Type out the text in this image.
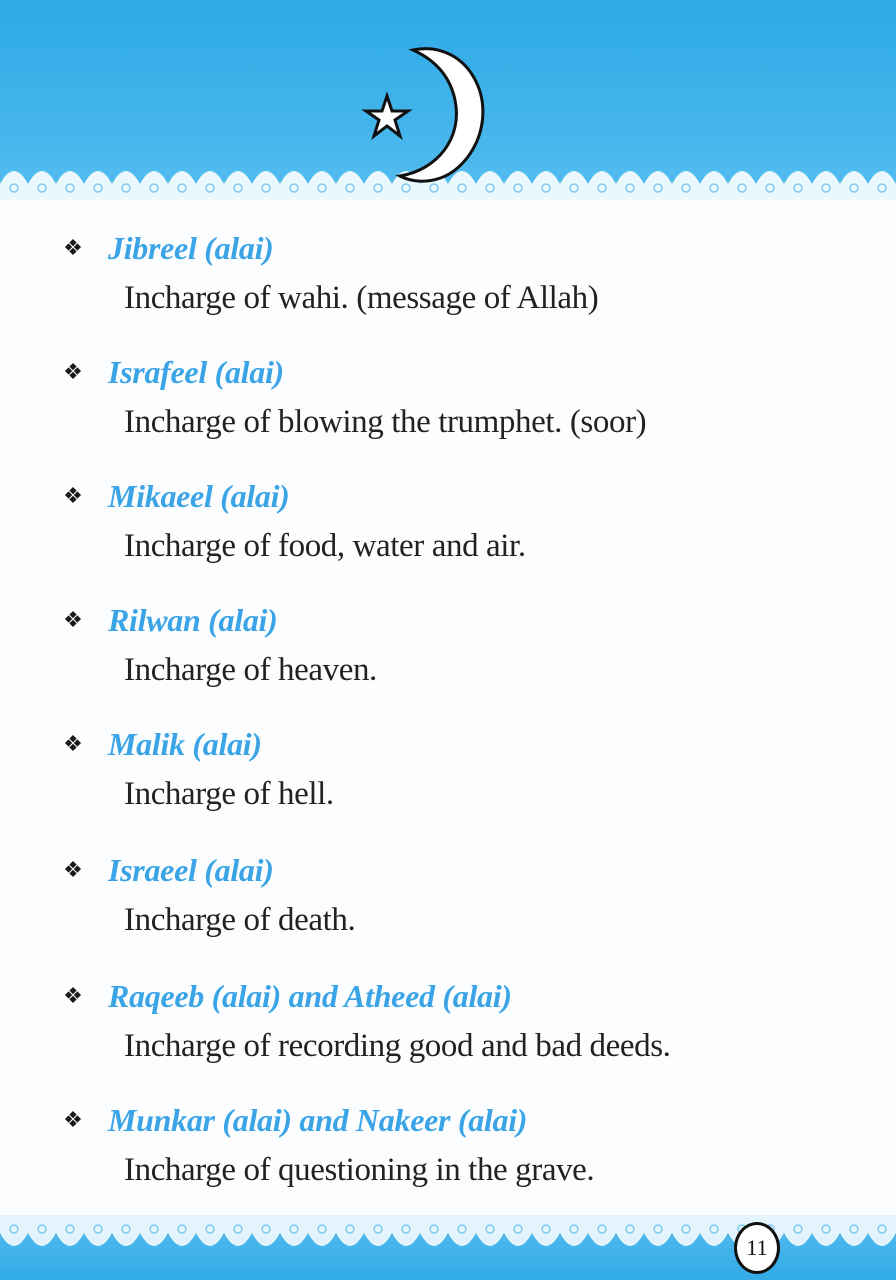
❖ Jibreel (alai)
Incharge of wahi. (message of Allah)
❖ Israfeel (alai)
Incharge of blowing the trumphet. (soor)
❖ Mikaeel (alai)
Incharge of food, water and air.
❖ Rilwan (alai)
Incharge of heaven.
❖ Malik (alai)
Incharge of hell.
❖ Israeel (alai)
Incharge of death.
❖ Raqeeb (alai) and Atheed (alai)
Incharge of recording good and bad deeds.
❖ Munkar (alai) and Nakeer (alai)
Incharge of questioning in the grave.
11
